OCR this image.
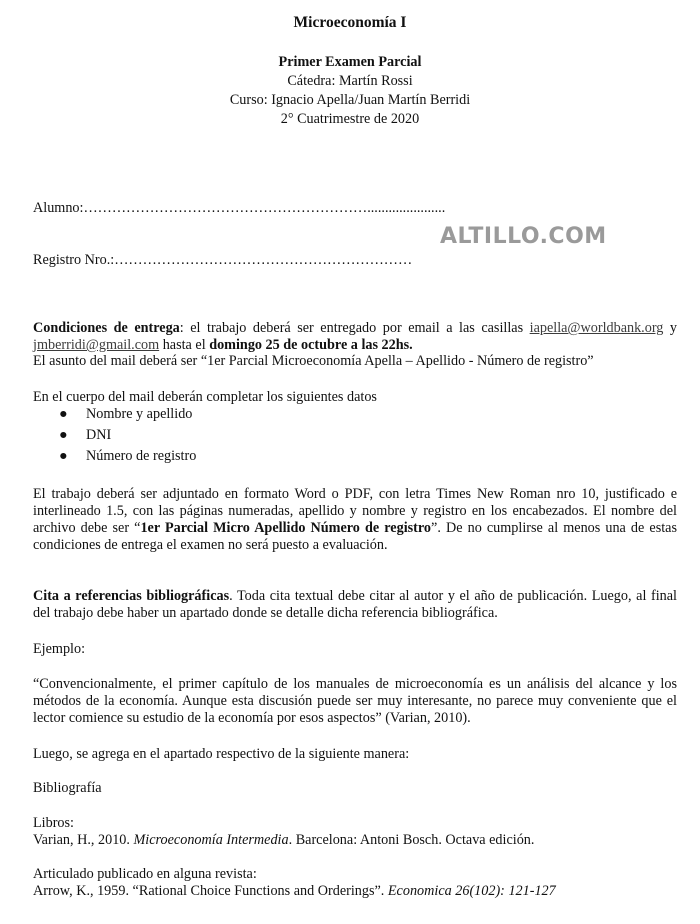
Microeconomía I
Primer Examen Parcial
Cátedra: Martín Rossi
Curso: Ignacio Apella/Juan Martín Berridi
2° Cuatrimestre de 2020
Alumno:……………………………………………………......................
ALTILLO.COM
Registro Nro.:………………………………………………………
Condiciones de entrega: el trabajo deberá ser entregado por email a las casillas iapella@worldbank.org y jmberridi@gmail.com hasta el domingo 25 de octubre a las 22hs.
El asunto del mail deberá ser “1er Parcial Microeconomía Apella – Apellido - Número de registro”
En el cuerpo del mail deberán completar los siguientes datos
● Nombre y apellido
● DNI
● Número de registro
El trabajo deberá ser adjuntado en formato Word o PDF, con letra Times New Roman nro 10, justificado e interlineado 1.5, con las páginas numeradas, apellido y nombre y registro en los encabezados. El nombre del archivo debe ser “1er Parcial Micro Apellido Número de registro”. De no cumplirse al menos una de estas condiciones de entrega el examen no será puesto a evaluación.
Cita a referencias bibliográficas. Toda cita textual debe citar al autor y el año de publicación. Luego, al final del trabajo debe haber un apartado donde se detalle dicha referencia bibliográfica.
Ejemplo:
“Convencionalmente, el primer capítulo de los manuales de microeconomía es un análisis del alcance y los métodos de la economía. Aunque esta discusión puede ser muy interesante, no parece muy conveniente que el lector comience su estudio de la economía por esos aspectos” (Varian, 2010).
Luego, se agrega en el apartado respectivo de la siguiente manera:
Bibliografía
Libros:
Varian, H., 2010. Microeconomía Intermedia. Barcelona: Antoni Bosch. Octava edición.
Articulado publicado en alguna revista:
Arrow, K., 1959. “Rational Choice Functions and Orderings”. Economica 26(102): 121-127
